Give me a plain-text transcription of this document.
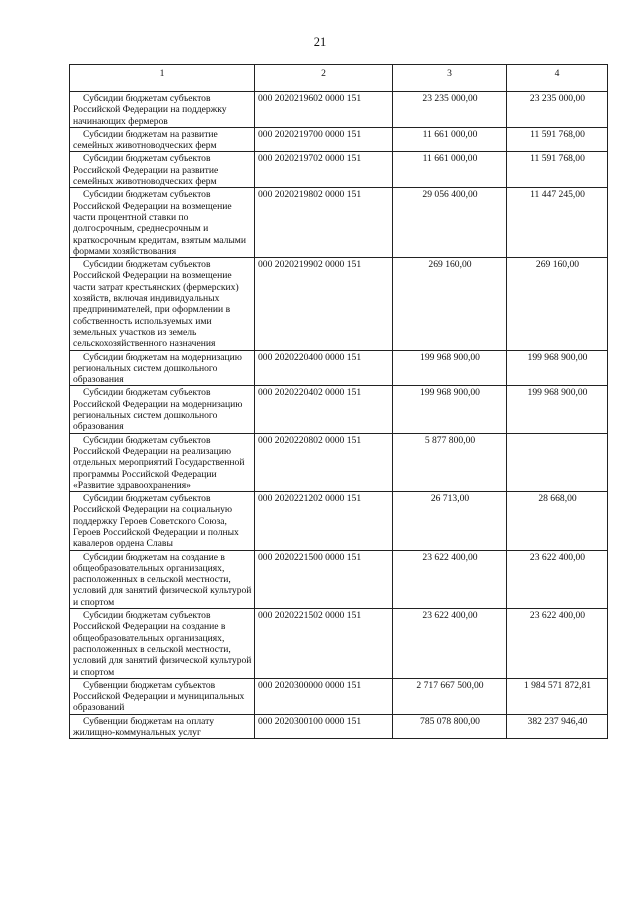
21
1	2	3	4
Субсидии бюджетам субъектов Российской Федерации на поддержку начинающих фермеров	000 2020219602 0000 151	23 235 000,00	23 235 000,00
Субсидии бюджетам на развитие семейных животноводческих ферм	000 2020219700 0000 151	11 661 000,00	11 591 768,00
Субсидии бюджетам субъектов Российской Федерации на развитие семейных животноводческих ферм	000 2020219702 0000 151	11 661 000,00	11 591 768,00
Субсидии бюджетам субъектов Российской Федерации на возмещение части процентной ставки по долгосрочным, среднесрочным и краткосрочным кредитам, взятым малыми формами хозяйствования	000 2020219802 0000 151	29 056 400,00	11 447 245,00
Субсидии бюджетам субъектов Российской Федерации на возмещение части затрат крестьянских (фермерских) хозяйств, включая индивидуальных предпринимателей, при оформлении в собственность используемых ими земельных участков из земель сельскохозяйственного назначения	000 2020219902 0000 151	269 160,00	269 160,00
Субсидии бюджетам на модернизацию региональных систем дошкольного образования	000 2020220400 0000 151	199 968 900,00	199 968 900,00
Субсидии бюджетам субъектов Российской Федерации на модернизацию региональных систем дошкольного образования	000 2020220402 0000 151	199 968 900,00	199 968 900,00
Субсидии бюджетам субъектов Российской Федерации на реализацию отдельных мероприятий Государственной программы Российской Федерации «Развитие здравоохранения»	000 2020220802 0000 151	5 877 800,00	
Субсидии бюджетам субъектов Российской Федерации на социальную поддержку Героев Советского Союза, Героев Российской Федерации и полных кавалеров ордена Славы	000 2020221202 0000 151	26 713,00	28 668,00
Субсидии бюджетам на создание в общеобразовательных организациях, расположенных в сельской местности, условий для занятий физической культурой и спортом	000 2020221500 0000 151	23 622 400,00	23 622 400,00
Субсидии бюджетам субъектов Российской Федерации на создание в общеобразовательных организациях, расположенных в сельской местности, условий для занятий физической культурой и спортом	000 2020221502 0000 151	23 622 400,00	23 622 400,00
Субвенции бюджетам субъектов Российской Федерации и муниципальных образований	000 2020300000 0000 151	2 717 667 500,00	1 984 571 872,81
Субвенции бюджетам на оплату жилищно-коммунальных услуг	000 2020300100 0000 151	785 078 800,00	382 237 946,40
